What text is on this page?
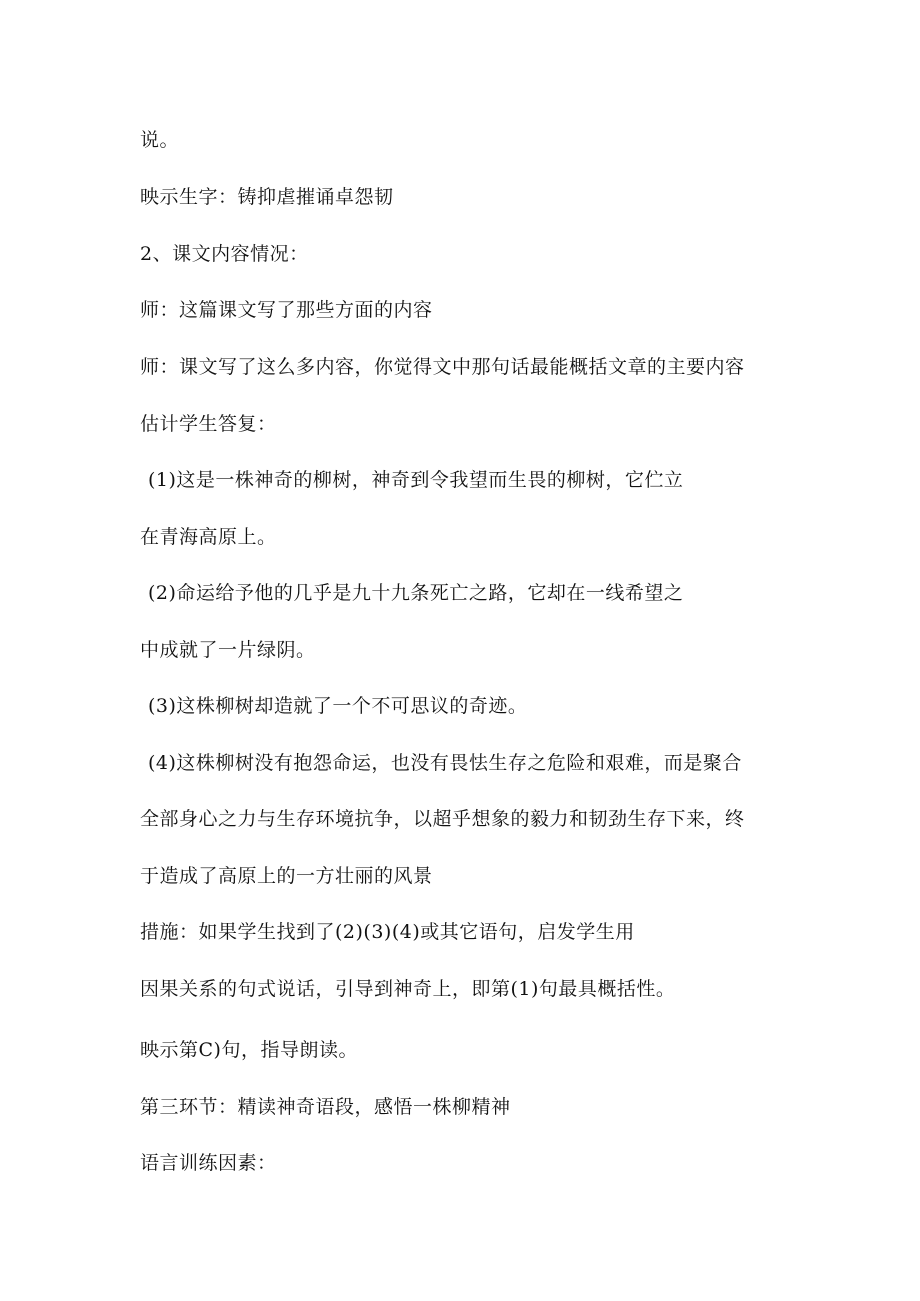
说。
映示生字：铸抑虐摧诵卓怨韧
2、课文内容情况：
师：这篇课文写了那些方面的内容
师：课文写了这么多内容，你觉得文中那句话最能概括文章的主要内容
估计学生答复：
(1)这是一株神奇的柳树，神奇到令我望而生畏的柳树，它伫立
在青海高原上。
(2)命运给予他的几乎是九十九条死亡之路，它却在一线希望之
中成就了一片绿阴。
(3)这株柳树却造就了一个不可思议的奇迹。
(4)这株柳树没有抱怨命运，也没有畏怯生存之危险和艰难，而是聚合
全部身心之力与生存环境抗争，以超乎想象的毅力和韧劲生存下来，终
于造成了高原上的一方壮丽的风景
措施：如果学生找到了(2)(3)(4)或其它语句，启发学生用
因果关系的句式说话，引导到神奇上，即第(1)句最具概括性。
映示第C)句，指导朗读。
第三环节：精读神奇语段，感悟一株柳精神
语言训练因素：
